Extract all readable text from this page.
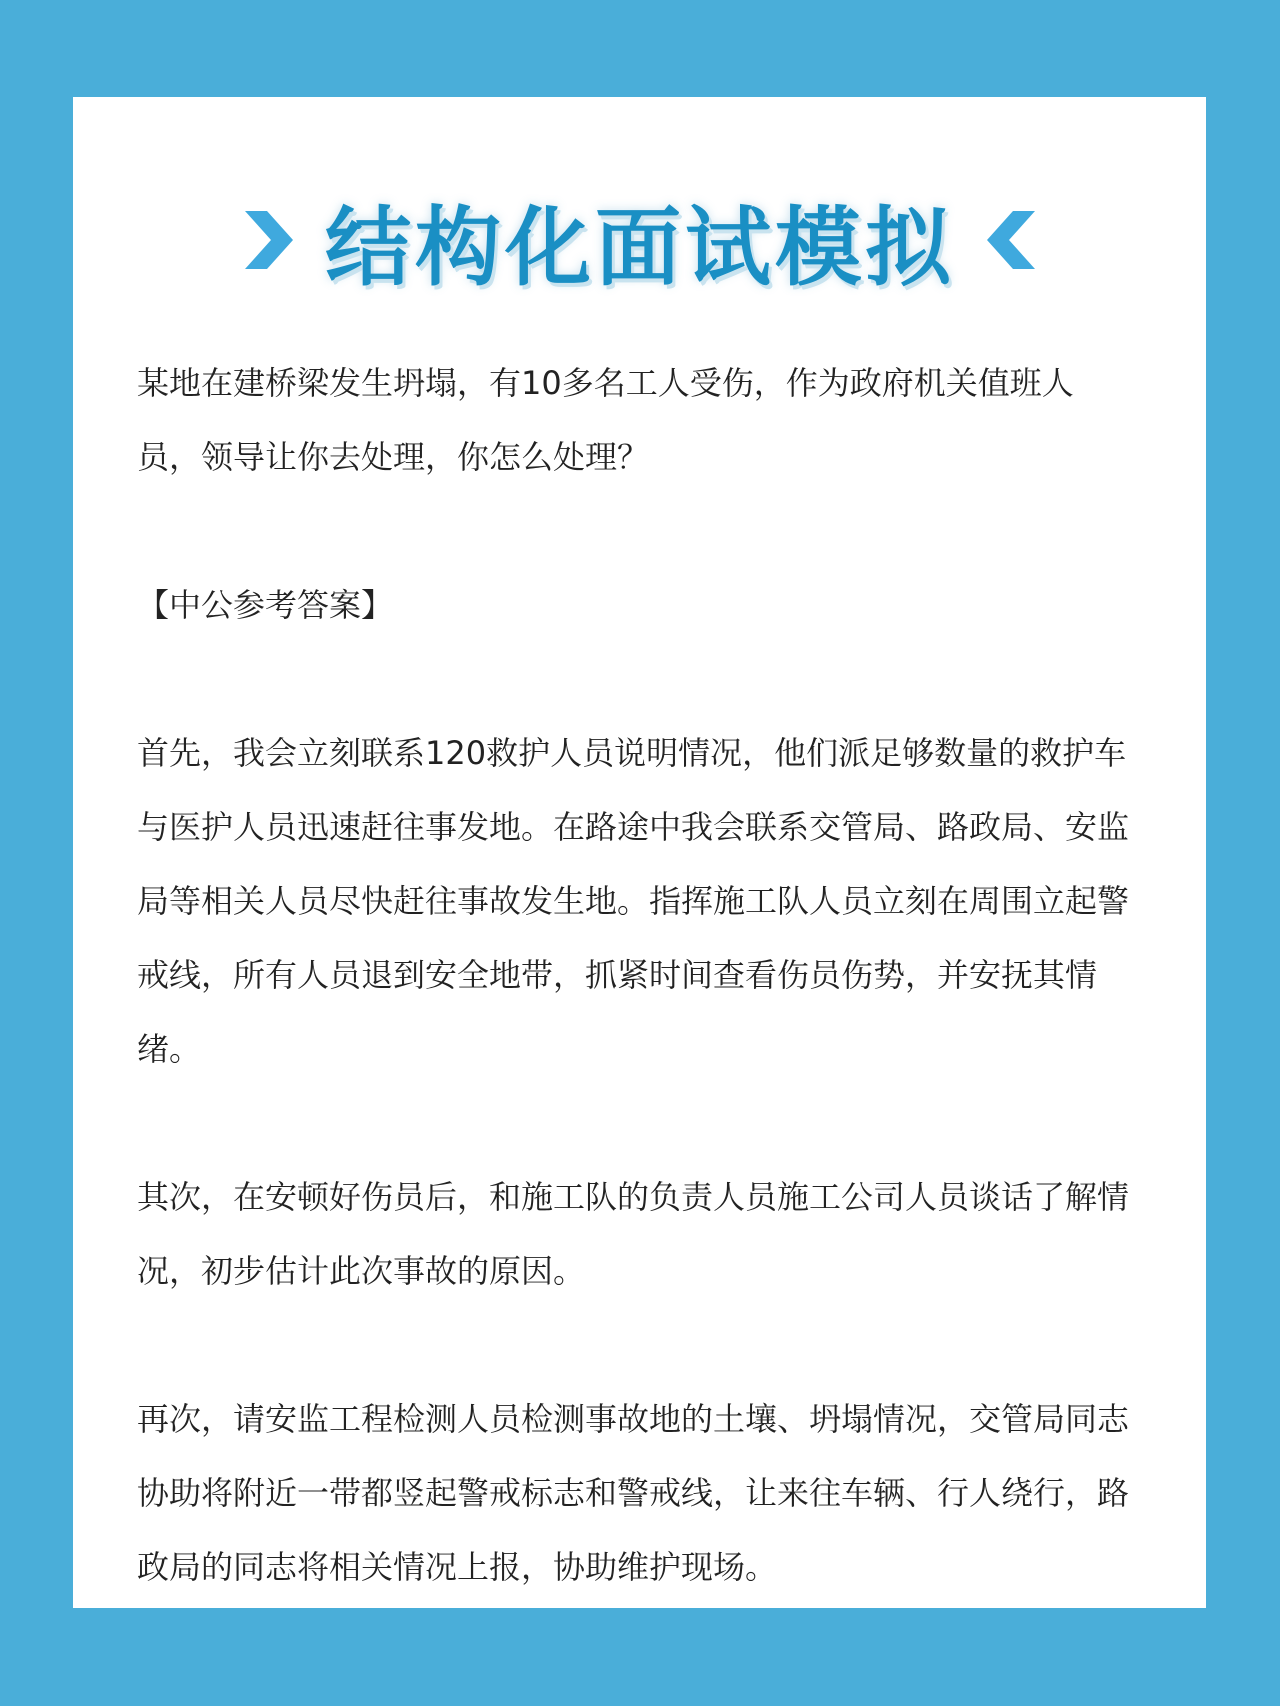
结构化面试模拟

某地在建桥梁发生坍塌，有10多名工人受伤，作为政府机关值班人员，领导让你去处理，你怎么处理？

【中公参考答案】

首先，我会立刻联系120救护人员说明情况，他们派足够数量的救护车与医护人员迅速赶往事发地。在路途中我会联系交管局、路政局、安监局等相关人员尽快赶往事故发生地。指挥施工队人员立刻在周围立起警戒线，所有人员退到安全地带，抓紧时间查看伤员伤势，并安抚其情绪。

其次，在安顿好伤员后，和施工队的负责人员施工公司人员谈话了解情况，初步估计此次事故的原因。

再次，请安监工程检测人员检测事故地的土壤、坍塌情况，交管局同志协助将附近一带都竖起警戒标志和警戒线，让来往车辆、行人绕行，路政局的同志将相关情况上报，协助维护现场。
